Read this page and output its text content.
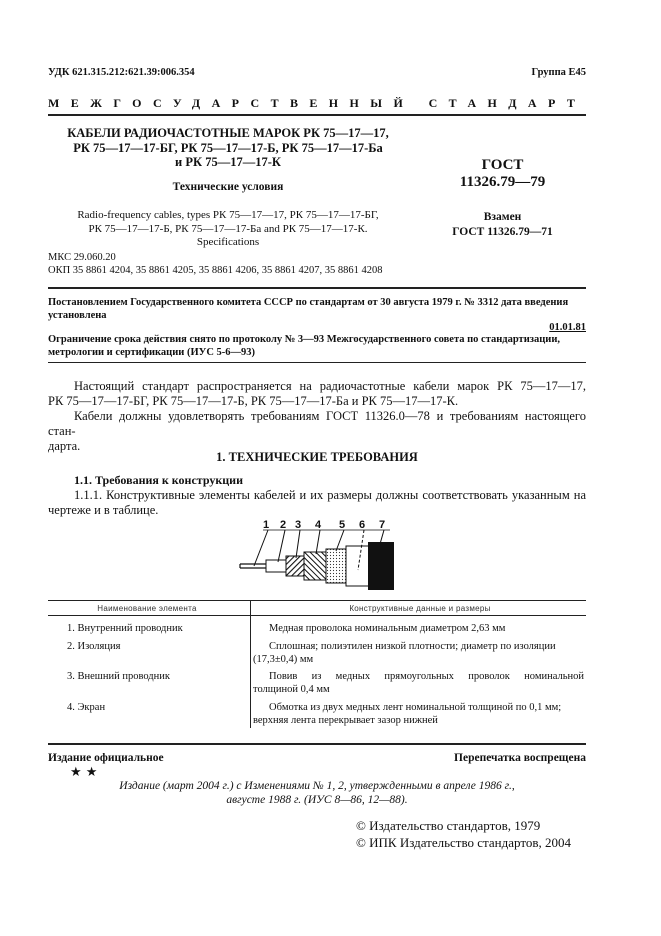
УДК 621.315.212:621.39:006.354	Группа Е45
МЕЖГОСУДАРСТВЕННЫЙ СТАНДАРТ
КАБЕЛИ РАДИОЧАСТОТНЫЕ МАРОК РК 75—17—17,
РК 75—17—17-БГ, РК 75—17—17-Б, РК 75—17—17-Ба
и РК 75—17—17-К
Технические условия
Radio-frequency cables, types РК 75—17—17, РК 75—17—17-БГ,
РК 75—17—17-Б, РК 75—17—17-Ба and РК 75—17—17-К.
Specifications
ГОСТ
11326.79—79
Взамен
ГОСТ 11326.79—71
МКС 29.060.20
ОКП 35 8861 4204, 35 8861 4205, 35 8861 4206, 35 8861 4207, 35 8861 4208
Постановлением Государственного комитета СССР по стандартам от 30 августа 1979 г. № 3312 дата введения
установлена
01.01.81
Ограничение срока действия снято по протоколу № 3—93 Межгосударственного совета по стандартизации,
метрологии и сертификации (ИУС 5-6—93)
Настоящий стандарт распространяется на радиочастотные кабели марок РК 75—17—17,
РК 75—17—17-БГ, РК 75—17—17-Б, РК 75—17—17-Ба и РК 75—17—17-К.
Кабели должны удовлетворять требованиям ГОСТ 11326.0—78 и требованиям настоящего стан-
дарта.
1. ТЕХНИЧЕСКИЕ ТРЕБОВАНИЯ
1.1. Требования к конструкции
1.1.1. Конструктивные элементы кабелей и их размеры должны соответствовать указанным на
чертеже и в таблице.
1 2 3 4 5 6 7
Наименование элемента	Конструктивные данные и размеры
1. Внутренний проводник	Медная проволока номинальным диаметром 2,63 мм
2. Изоляция	Сплошная; полиэтилен низкой плотности; диаметр по изоляции
(17,3±0,4) мм
3. Внешний проводник	Повив из медных прямоугольных проволок номинальной
толщиной 0,4 мм
4. Экран	Обмотка из двух медных лент номинальной толщиной по 0,1 мм;
верхняя лента перекрывает зазор нижней
Издание официальное	Перепечатка воспрещена
★ ★
Издание (март 2004 г.) с Изменениями № 1, 2, утвержденными в апреле 1986 г.,
августе 1988 г. (ИУС 8—86, 12—88).
© Издательство стандартов, 1979
© ИПК Издательство стандартов, 2004
